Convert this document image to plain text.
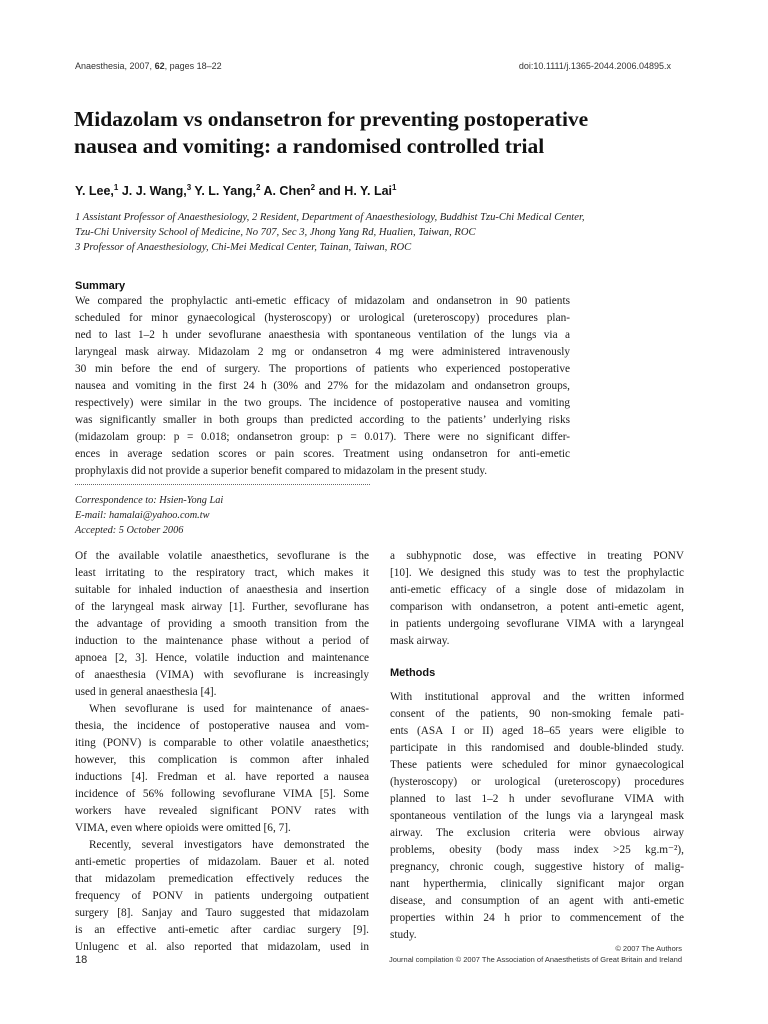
Anaesthesia, 2007, 62, pages 18–22	doi:10.1111/j.1365-2044.2006.04895.x
Midazolam vs ondansetron for preventing postoperative
nausea and vomiting: a randomised controlled trial
Y. Lee,$^1$ J. J. Wang,$^3$ Y. L. Yang,$^2$ A. Chen$^2$ and H. Y. Lai$^1$
1 Assistant Professor of Anaesthesiology, 2 Resident, Department of Anaesthesiology, Buddhist Tzu-Chi Medical Center,
Tzu-Chi University School of Medicine, No 707, Sec 3, Jhong Yang Rd, Hualien, Taiwan, ROC
3 Professor of Anaesthesiology, Chi-Mei Medical Center, Tainan, Taiwan, ROC
Summary
We compared the prophylactic anti-emetic efficacy of midazolam and ondansetron in 90 patients
scheduled for minor gynaecological (hysteroscopy) or urological (ureteroscopy) procedures plan-
ned to last 1–2 h under sevoflurane anaesthesia with spontaneous ventilation of the lungs via a
laryngeal mask airway. Midazolam 2 mg or ondansetron 4 mg were administered intravenously
30 min before the end of surgery. The proportions of patients who experienced postoperative
nausea and vomiting in the first 24 h (30% and 27% for the midazolam and ondansetron groups,
respectively) were similar in the two groups. The incidence of postoperative nausea and vomiting
was significantly smaller in both groups than predicted according to the patients’ underlying risks
(midazolam group: p = 0.018; ondansetron group: p = 0.017). There were no significant differ-
ences in average sedation scores or pain scores. Treatment using ondansetron for anti-emetic
prophylaxis did not provide a superior benefit compared to midazolam in the present study.
Correspondence to: Hsien-Yong Lai
E-mail: hamalai@yahoo.com.tw
Accepted: 5 October 2006
Of the available volatile anaesthetics, sevoflurane is the
least irritating to the respiratory tract, which makes it
suitable for inhaled induction of anaesthesia and insertion
of the laryngeal mask airway [1]. Further, sevoflurane has
the advantage of providing a smooth transition from the
induction to the maintenance phase without a period of
apnoea [2, 3]. Hence, volatile induction and maintenance
of anaesthesia (VIMA) with sevoflurane is increasingly
used in general anaesthesia [4].
When sevoflurane is used for maintenance of anaes-
thesia, the incidence of postoperative nausea and vom-
iting (PONV) is comparable to other volatile anaesthetics;
however, this complication is common after inhaled
inductions [4]. Fredman et al. have reported a nausea
incidence of 56% following sevoflurane VIMA [5]. Some
workers have revealed significant PONV rates with
VIMA, even where opioids were omitted [6, 7].
Recently, several investigators have demonstrated the
anti-emetic properties of midazolam. Bauer et al. noted
that midazolam premedication effectively reduces the
frequency of PONV in patients undergoing outpatient
surgery [8]. Sanjay and Tauro suggested that midazolam
is an effective anti-emetic after cardiac surgery [9].
Unlugenc et al. also reported that midazolam, used in
a subhypnotic dose, was effective in treating PONV
[10]. We designed this study was to test the prophylactic
anti-emetic efficacy of a single dose of midazolam in
comparison with ondansetron, a potent anti-emetic agent,
in patients undergoing sevoflurane VIMA with a laryngeal
mask airway.
Methods
With institutional approval and the written informed
consent of the patients, 90 non-smoking female pati-
ents (ASA I or II) aged 18–65 years were eligible to
participate in this randomised and double-blinded study.
These patients were scheduled for minor gynaecological
(hysteroscopy) or urological (ureteroscopy) procedures
planned to last 1–2 h under sevoflurane VIMA with
spontaneous ventilation of the lungs via a laryngeal mask
airway. The exclusion criteria were obvious airway
problems, obesity (body mass index >25 kg.m⁻²),
pregnancy, chronic cough, suggestive history of malig-
nant hyperthermia, clinically significant major organ
disease, and consumption of an agent with anti-emetic
properties within 24 h prior to commencement of the
study.
18
© 2007 The Authors
Journal compilation © 2007 The Association of Anaesthetists of Great Britain and Ireland
